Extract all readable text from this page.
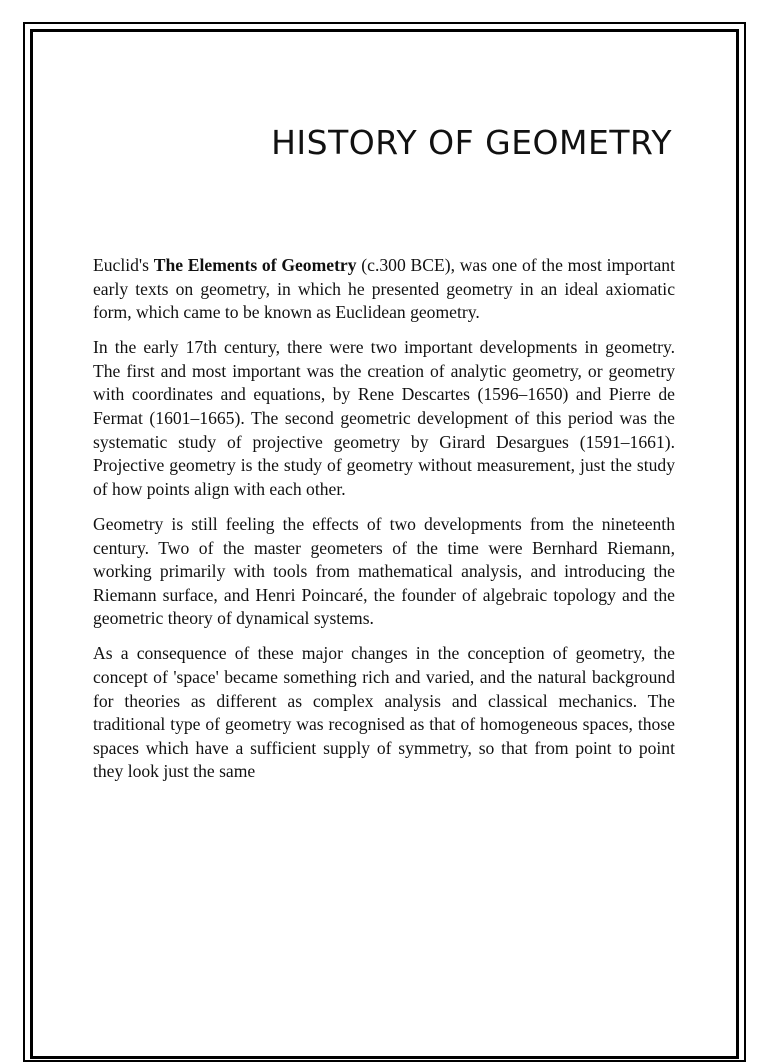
HISTORY OF GEOMETRY

Euclid's The Elements of Geometry (c.300 BCE), was one of the most important early texts on geometry, in which he presented geometry in an ideal axiomatic form, which came to be known as Euclidean geometry.

In the early 17th century, there were two important developments in geometry. The first and most important was the creation of analytic geometry, or geometry with coordinates and equations, by Rene Descartes (1596–1650) and Pierre de Fermat (1601–1665). The second geometric development of this period was the systematic study of projective geometry by Girard Desargues (1591–1661). Projective geometry is the study of geometry without measurement, just the study of how points align with each other.

Geometry is still feeling the effects of two developments from the nineteenth century. Two of the master geometers of the time were Bernhard Riemann, working primarily with tools from mathematical analysis, and introducing the Riemann surface, and Henri Poincaré, the founder of algebraic topology and the geometric theory of dynamical systems.

As a consequence of these major changes in the conception of geometry, the concept of 'space' became something rich and varied, and the natural background for theories as different as complex analysis and classical mechanics. The traditional type of geometry was recognised as that of homogeneous spaces, those spaces which have a sufficient supply of symmetry, so that from point to point they look just the same
